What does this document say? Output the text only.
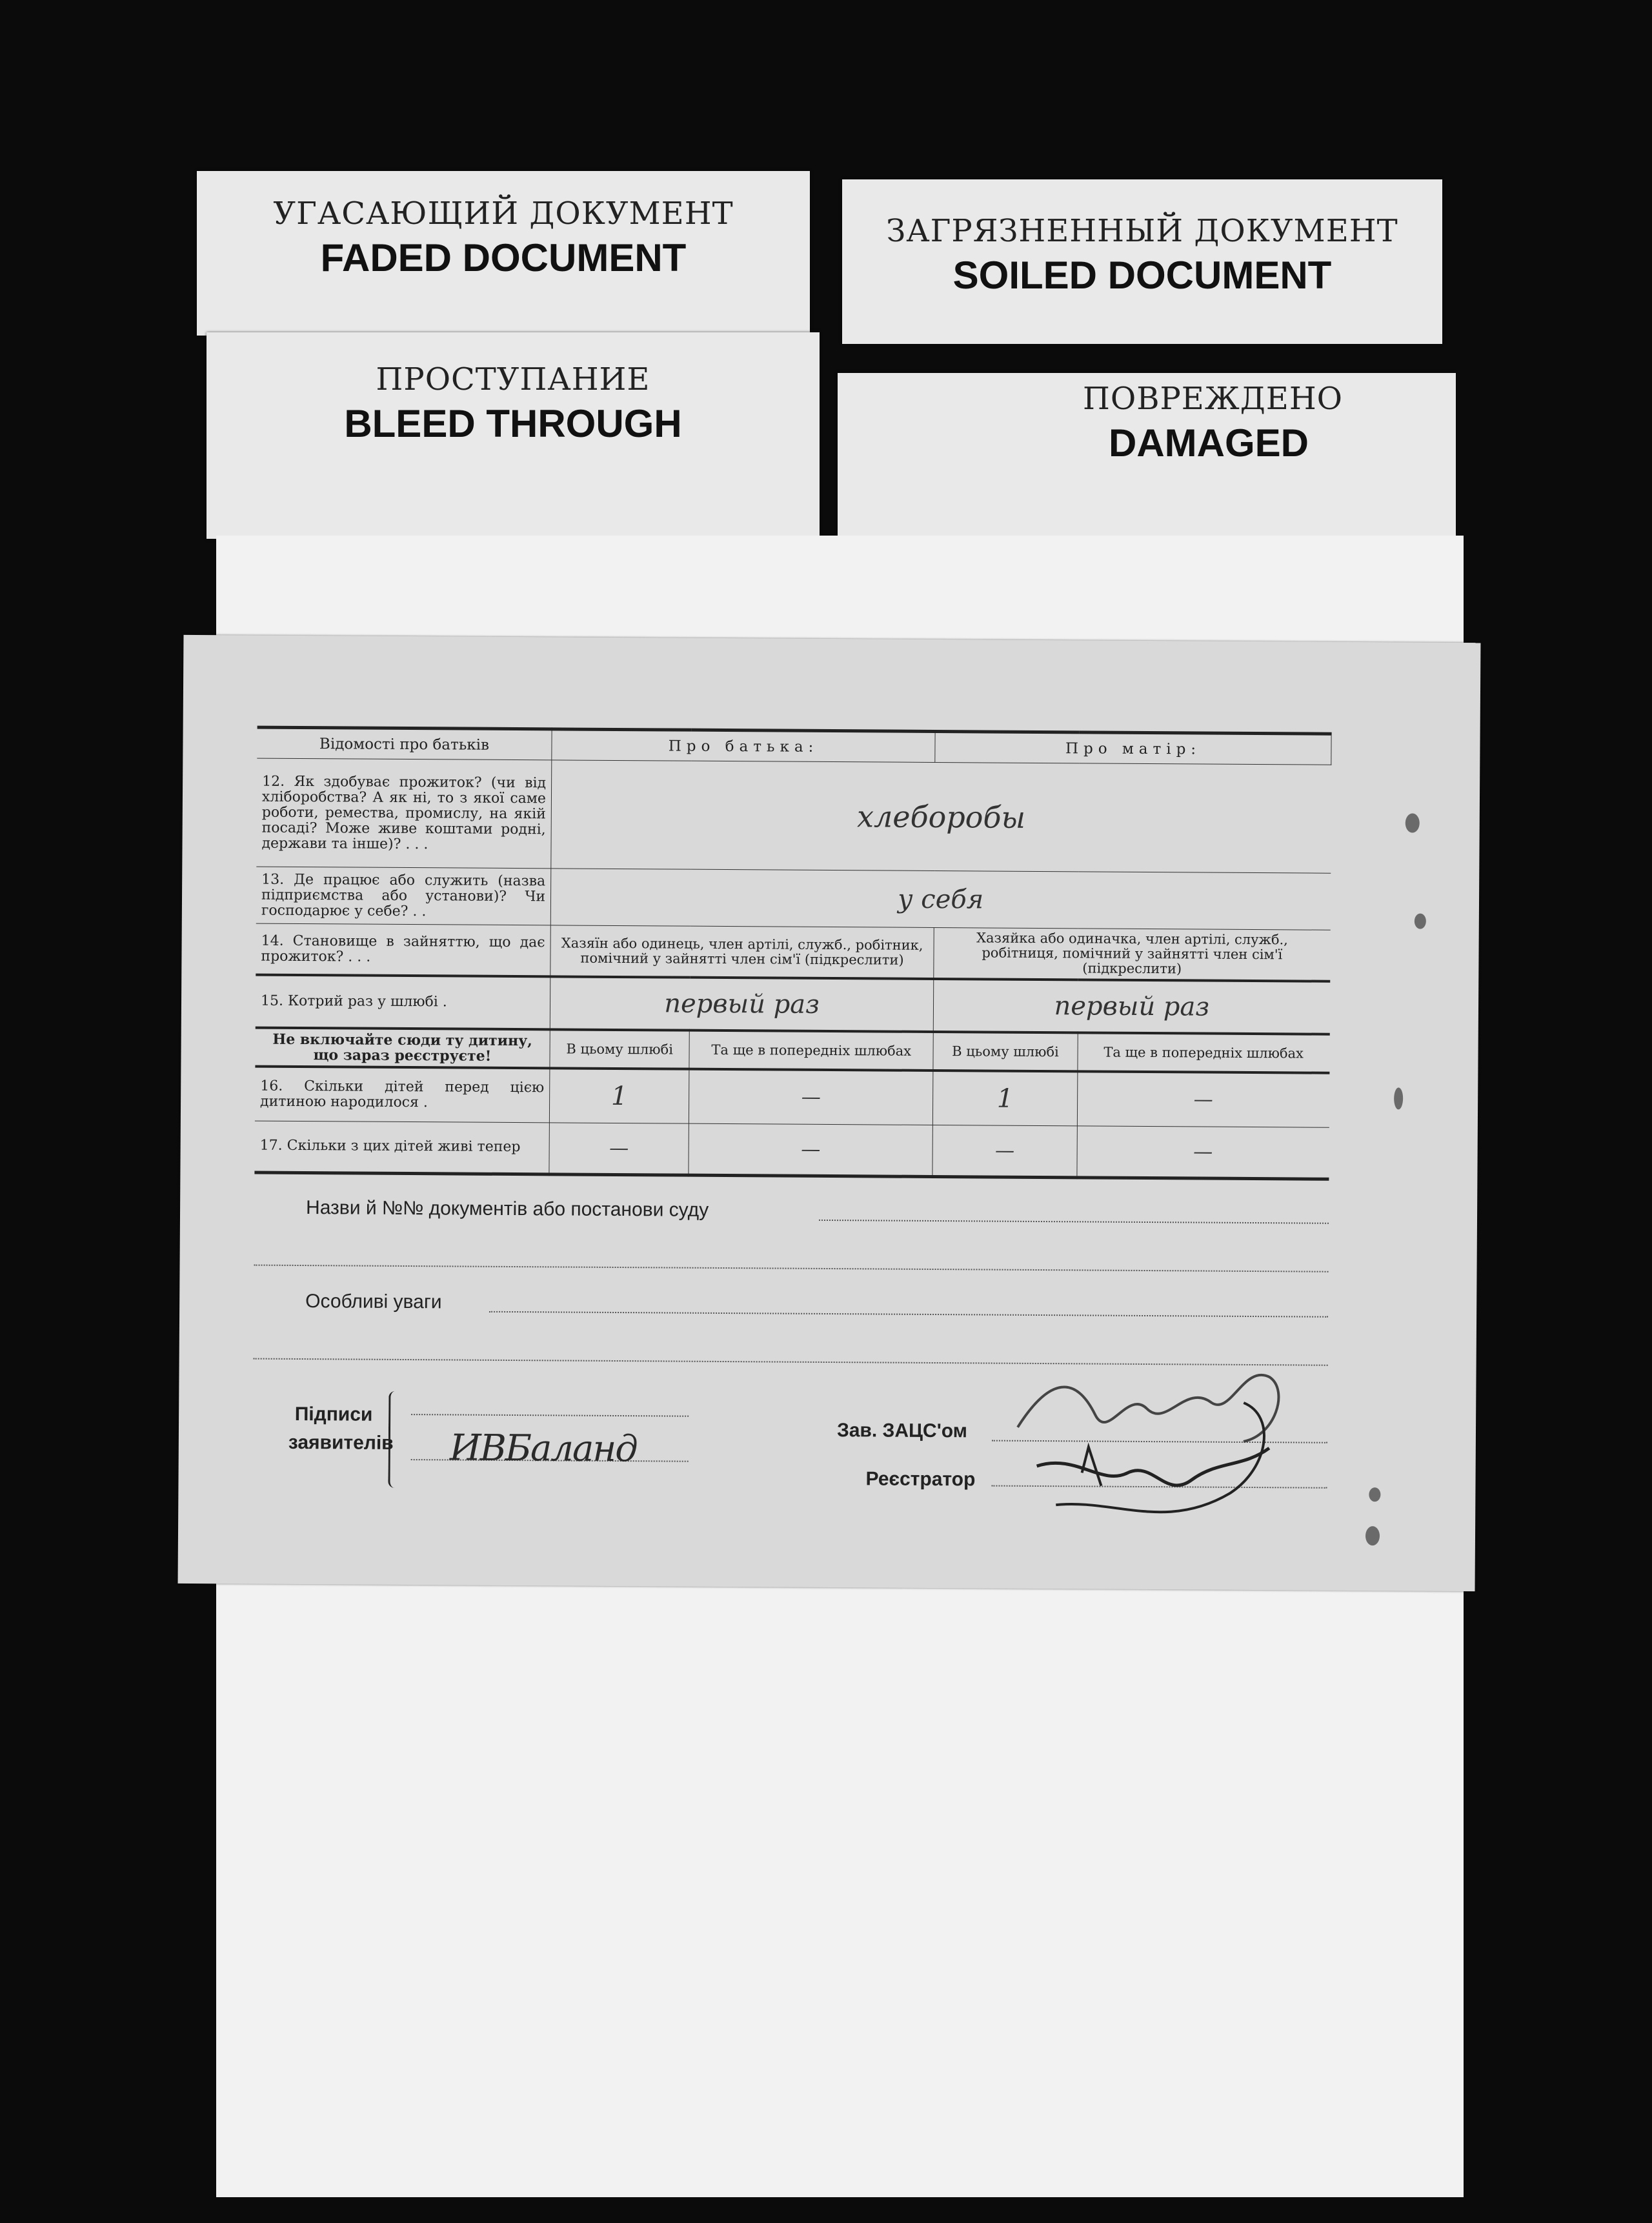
УГАСАЮЩИЙ ДОКУМЕНТ
FADED DOCUMENT
ЗАГРЯЗНЕННЫЙ ДОКУМЕНТ
SOILED DOCUMENT
ПРОСТУПАНИЕ
BLEED THROUGH
ПОВРЕЖДЕНО
DAMAGED
Відомості про батьків	Про батька:		Про матір:	
12. Як здобуває прожиток? (чи від хліборобства? А як ні, то з якої саме роботи, ремества, промислу, на якій посаді? Може живе коштами родні, держави та інше)? . . .	хлеборобы			
13. Де працює або служить (назва підприємства або установи)? Чи господарює у себе? . .	у себя			
14. Становище в зайняттю, що дає прожиток? . . .	Хазяїн або одинець, член артілі, служб., робітник, помічний у зайнятті член сім'ї (підкреслити)		Хазяйка або одиначка, член артілі, служб., робітниця, помічний у зайнятті член сім'ї (підкреслити)	
15. Котрий раз у шлюбі .	первый раз		первый раз	
Не включайте сюди ту дитину, що зараз реєструєте!	В цьому шлюбі	Та ще в попередніх шлюбах	В цьому шлюбі	Та ще в попередніх шлюбах
16. Скільки дітей перед цією дитиною народилося .	1	—	1	—
17. Скільки з цих дітей живі тепер	—	—	—	—
Назви й №№ документів або постанови суду
Особливі уваги
Підписи заявителів ИВБаланд	Зав. ЗАЦС'ом
Реєстратор
